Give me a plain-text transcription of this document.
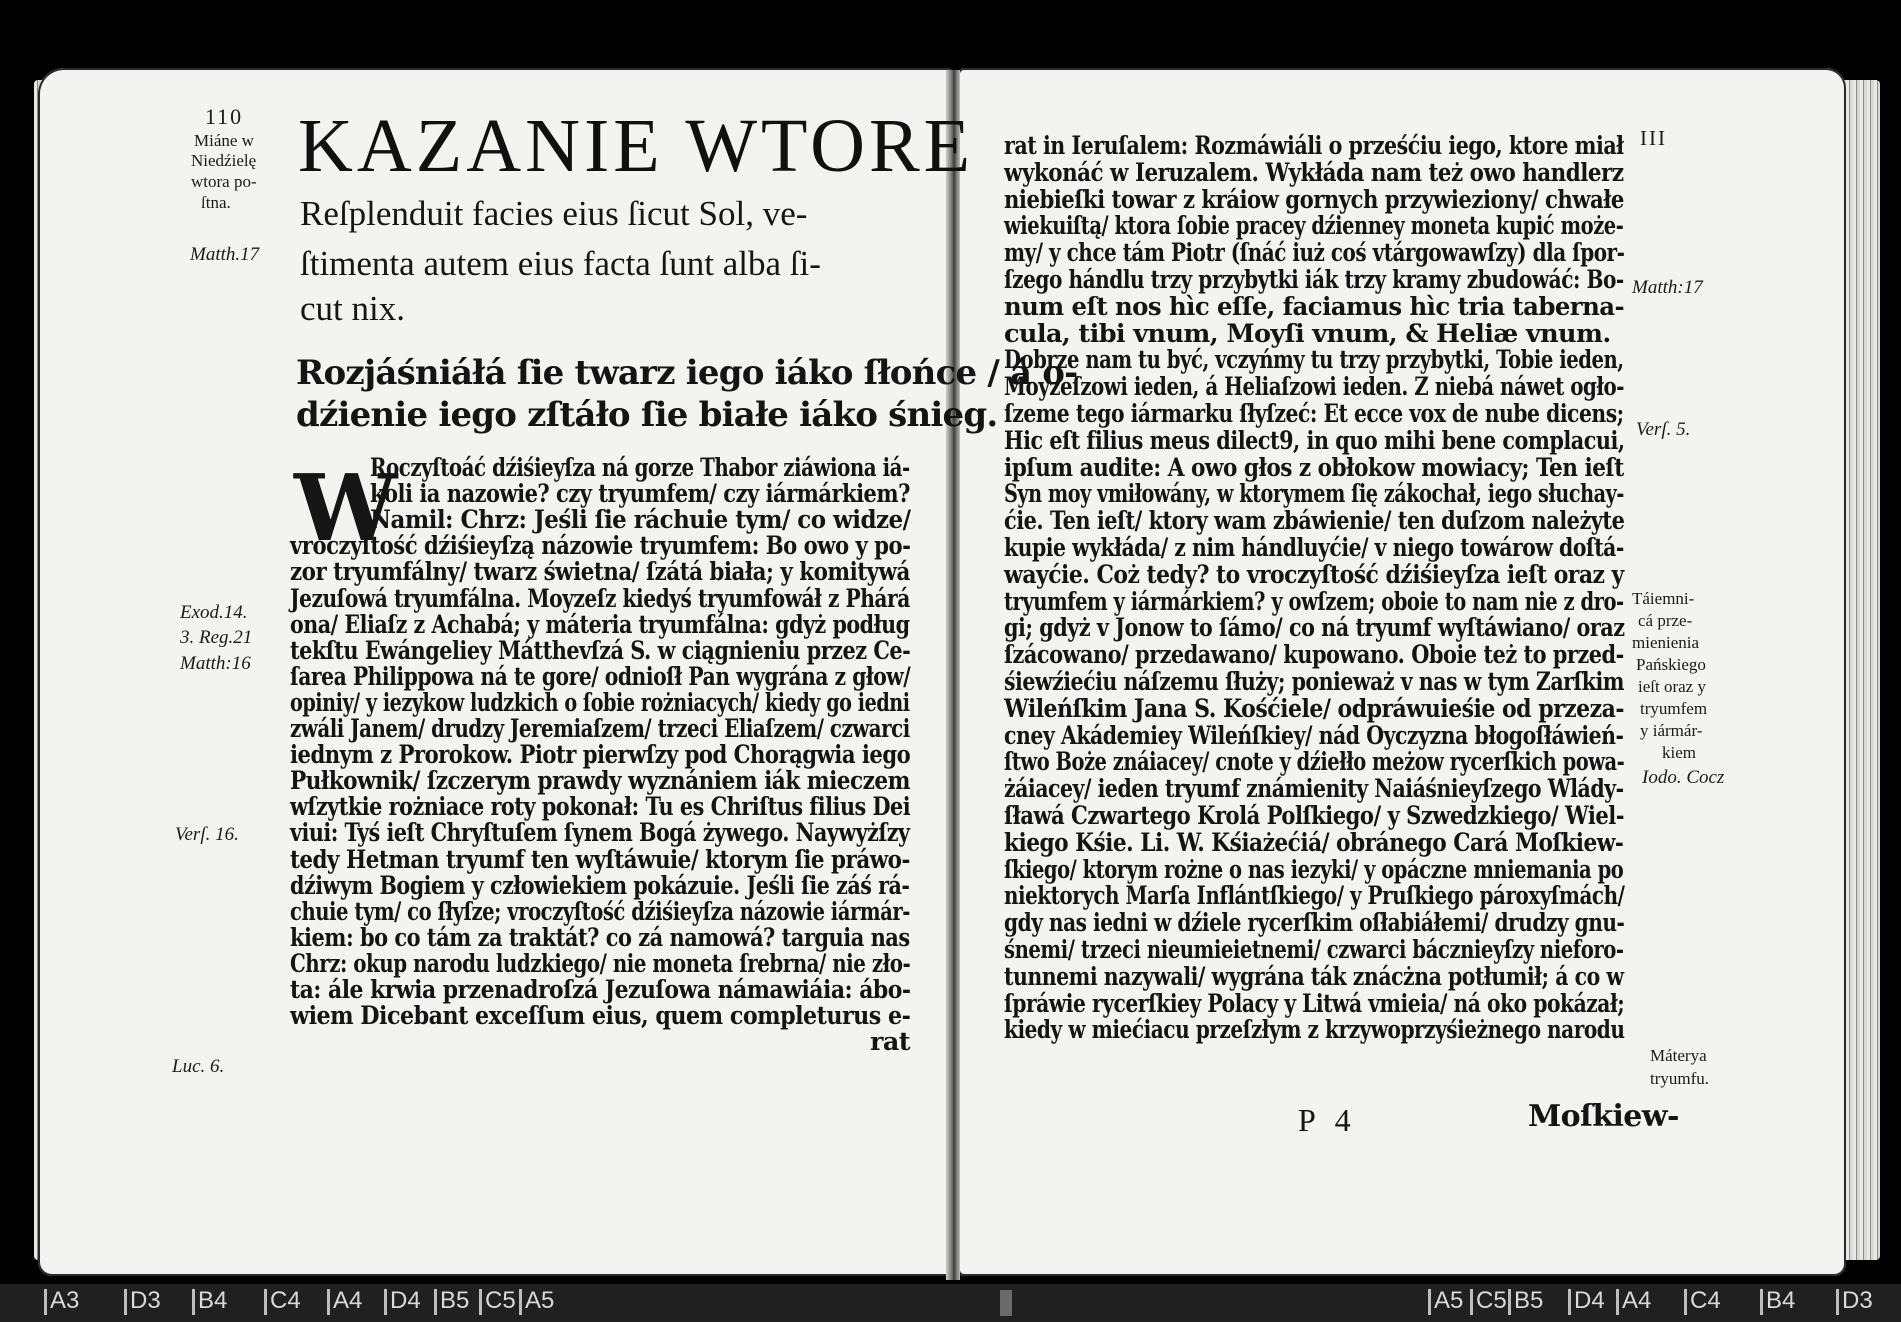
110
Miáne w
Niedźielę
wtora po-
ſtna.
KAZANIE WTORE
Reſplenduit facies eius ſicut Sol, ve-
ſtimenta autem eius facta ſunt alba ſi-
cut nix.
Matth.17
Rozjáśniáłá ſie twarz iego iáko ſłońce / á o-
dźienie iego zſtáło ſie białe iáko śnieg.
W
Roczyſtoáć dźiśieyſza ná gorze Thabor ziáwiona iá-
koli ia nazowie? czy tryumfem/ czy iármárkiem?
Namil: Chrz: Jeśli ſie ráchuie tym/ co widze/
vroczyſtość dźiśieyſzą názowie tryumfem: Bo owo y po-
zor tryumfálny/ twarz świetna/ ſzátá biała; y komitywá
Jezuſowá tryumfálna. Moyzeſz kiedyś tryumfowáł z Phárá
ona/ Eliaſz z Achabá; y máteria tryumfálna: gdyż podług
tekſtu Ewángeliey Mátthevſzá S. w ciągnieniu przez Ce-
ſarea Philippowa ná te gore/ odnioſł Pan wygrána z głow/
opiniy/ y iezykow ludzkich o ſobie rożniacych/ kiedy go iedni
zwáli Janem/ drudzy Jeremiaſzem/ trzeci Eliaſzem/ czwarci
iednym z Prorokow. Piotr pierwſzy pod Chorągwia iego
Pułkownik/ ſzczerym prawdy wyznániem iák mieczem
wſzytkie rożniace roty pokonał: Tu es Chriſtus filius Dei
viui: Tyś ieſt Chryſtuſem ſynem Bogá żywego. Naywyżſzy
tedy Hetman tryumf ten wyſtáwuie/ ktorym ſie práwo-
dźiwym Bogiem y człowiekiem pokázuie. Jeśli ſie záś rá-
chuie tym/ co ſłyſze; vroczyſtość dźiśieyſza názowie iármár-
kiem: bo co tám za traktát? co zá namowá? targuia nas
Chrz: okup narodu ludzkiego/ nie moneta ſrebrna/ nie zło-
ta: ále krwia przenadroſzá Jezuſowa námawiáia: ábo-
wiem Dicebant exceſſum eius, quem completurus e-
rat
Exod.14.
3. Reg.21
Matth:16
Verſ. 16.
Luc. 6.
III
rat in Ieruſalem: Rozmáwiáli o prześćiu iego, ktore miał
wykonáć w Ieruzalem. Wykłáda nam też owo handlerz
niebieſki towar z kráiow gornych przywieziony/ chwałe
wiekuiſtą/ ktora ſobie pracey dźienney moneta kupić może-
my/ y chce tám Piotr (ſnáć iuż coś vtárgowawſzy) dla ſpor-
ſzego hándlu trzy przybytki iák trzy kramy zbudowáć: Bo-
num eſt nos hìc eſſe, faciamus hìc tria taberna-
cula, tibi vnum, Moyſi vnum, & Heliæ vnum.
Dobrze nam tu być, vczyńmy tu trzy przybytki, Tobie ieden,
Moyzeſzowi ieden, á Heliaſzowi ieden. Z niebá náwet ogło-
ſzeme tego iármarku ſłyſzeć: Et ecce vox de nube dicens;
Hic eſt filius meus dilect9, in quo mihi bene complacui,
ipſum audite: A owo głos z obłokow mowiacy; Ten ieſt
Syn moy vmiłowány, w ktorymem ſię zákochał, iego słuchay-
ćie. Ten ieſt/ ktory wam zbáwienie/ ten duſzom należyte
kupie wykłáda/ z nim hándluyćie/ v niego towárow doſtá-
wayćie. Coż tedy? to vroczyſtość dźiśieyſza ieſt oraz y
tryumfem y iármárkiem? y owſzem; oboie to nam nie z dro-
gi; gdyż v Jonow to ſámo/ co ná tryumf wyſtáwiano/ oraz
ſzácowano/ przedawano/ kupowano. Oboie też to przed-
śiewźiećiu náſzemu ſłuży; ponieważ v nas w tym Zarſkim
Wileńſkim Jana S. Kośćiele/ odpráwuieśie od przeza-
cney Akádemiey Wileńſkiey/ nád Oyczyzna błogoſłáwień-
ſtwo Boże znáiacey/ cnote y dźiełło meżow rycerſkich powa-
żáiacey/ ieden tryumf známienity Naiáśnieyſzego Wlády-
ſławá Czwartego Krolá Polſkiego/ y Szwedzkiego/ Wiel-
kiego Kśie. Li. W. Kśiażećiá/ obránego Cará Moſkiew-
ſkiego/ ktorym rożne o nas iezyki/ y opáczne mniemania po
niektorych Marſa Inflántſkiego/ y Pruſkiego pároxyſmách/
gdy nas iedni w dźiele rycerſkim oſłabiáłemi/ drudzy gnu-
śnemi/ trzeci nieumieietnemi/ czwarci bácznieyſzy nieforo-
tunnemi nazywali/ wygrána ták znácżna potłumił; á co w
ſpráwie rycerſkiey Polacy y Litwá vmieia/ ná oko pokázał;
kiedy w miećiacu przeſzłym z krzywoprzyśieżnego narodu
Matth:17
Verſ. 5.
Táiemni-
cá prze-
mienienia
Pańskiego
ieſt oraz y
tryumfem
y iármár-
kiem
Iodo. Cocz
Máterya
tryumfu.
P 4	Moſkiew-
A3 D3 B4 C4 A4 D4 B5 C5 A5	A5 C5 B5 D4 A4 C4 B4 D3
